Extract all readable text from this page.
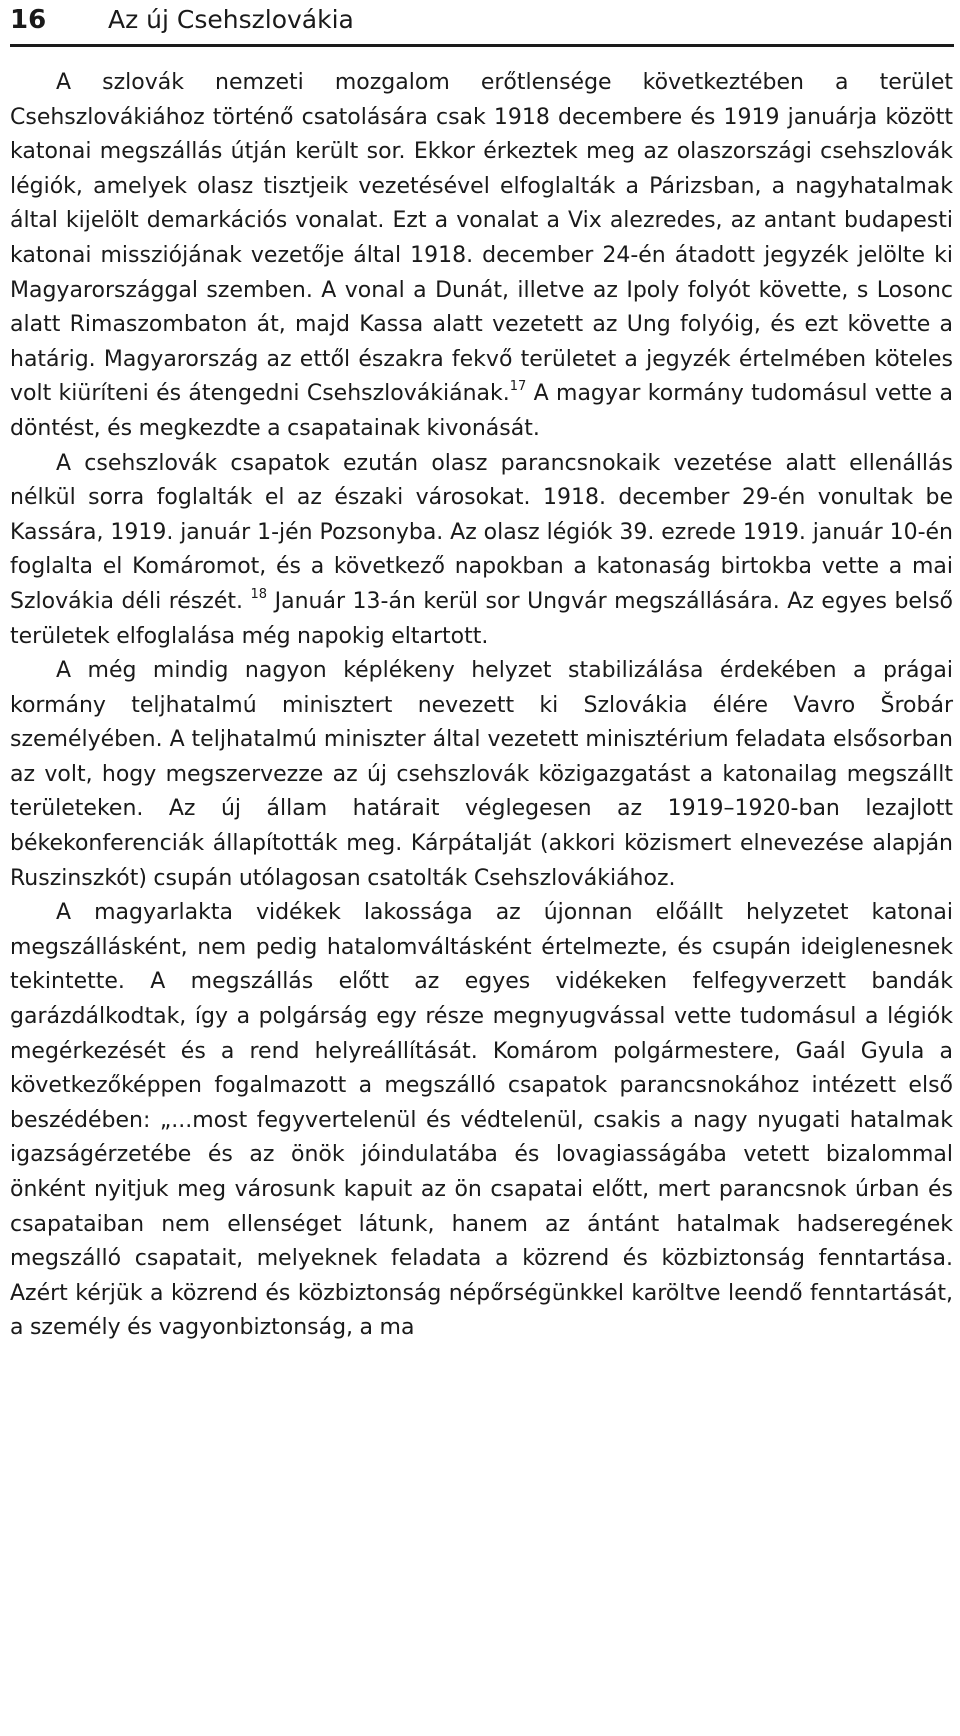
16 Az új Csehszlovákia

A szlovák nemzeti mozgalom erőtlensége következtében a terület Csehszlovákiához történő csatolására csak 1918 decembere és 1919 januárja között katonai megszállás útján került sor. Ekkor érkeztek meg az olaszországi csehszlovák légiók, amelyek olasz tisztjeik vezetésével elfoglalták a Párizsban, a nagyhatalmak által kijelölt demarkációs vonalat. Ezt a vonalat a Vix alezredes, az antant budapesti katonai missziójának vezetője által 1918. december 24-én átadott jegyzék jelölte ki Magyarországgal szemben. A vonal a Dunát, illetve az Ipoly folyót követte, s Losonc alatt Rimaszombaton át, majd Kassa alatt vezetett az Ung folyóig, és ezt követte a határig. Magyarország az ettől északra fekvő területet a jegyzék értelmében köteles volt kiüríteni és átengedni Csehszlovákiának.$^{17}$ A magyar kormány tudomásul vette a döntést, és megkezdte a csapatainak kivonását.

A csehszlovák csapatok ezután olasz parancsnokaik vezetése alatt ellenállás nélkül sorra foglalták el az északi városokat. 1918. december 29-én vonultak be Kassára, 1919. január 1-jén Pozsonyba. Az olasz légiók 39. ezrede 1919. január 10-én foglalta el Komáromot, és a következő napokban a katonaság birtokba vette a mai Szlovákia déli részét. $^{18}$ Január 13-án kerül sor Ungvár megszállására. Az egyes belső területek elfoglalása még napokig eltartott.

A még mindig nagyon képlékeny helyzet stabilizálása érdekében a prágai kormány teljhatalmú minisztert nevezett ki Szlovákia élére Vavro Šrobár személyében. A teljhatalmú miniszter által vezetett minisztérium feladata elsősorban az volt, hogy megszervezze az új csehszlovák közigazgatást a katonailag megszállt területeken. Az új állam határait véglegesen az 1919–1920-ban lezajlott békekonferenciák állapították meg. Kárpátalját (akkori közismert elnevezése alapján Ruszinszkót) csupán utólagosan csatolták Csehszlovákiához.

A magyarlakta vidékek lakossága az újonnan előállt helyzetet katonai megszállásként, nem pedig hatalomváltásként értelmezte, és csupán ideiglenesnek tekintette. A megszállás előtt az egyes vidékeken felfegyverzett bandák garázdálkodtak, így a polgárság egy része megnyugvással vette tudomásul a légiók megérkezését és a rend helyreállítását. Komárom polgármestere, Gaál Gyula a következőképpen fogalmazott a megszálló csapatok parancsnokához intézett első beszédében: „...most fegyvertelenül és védtelenül, csakis a nagy nyugati hatalmak igazságérzetébe és az önök jóindulatába és lovagiasságába vetett bizalommal önként nyitjuk meg városunk kapuit az ön csapatai előtt, mert parancsnok úrban és csapataiban nem ellenséget látunk, hanem az ántánt hatalmak hadseregének megszálló csapatait, melyeknek feladata a közrend és közbiztonság fenntartása. Azért kérjük a közrend és közbiztonság népőrségünkkel karöltve leendő fenntartását, a személy és vagyonbiztonság, a ma
